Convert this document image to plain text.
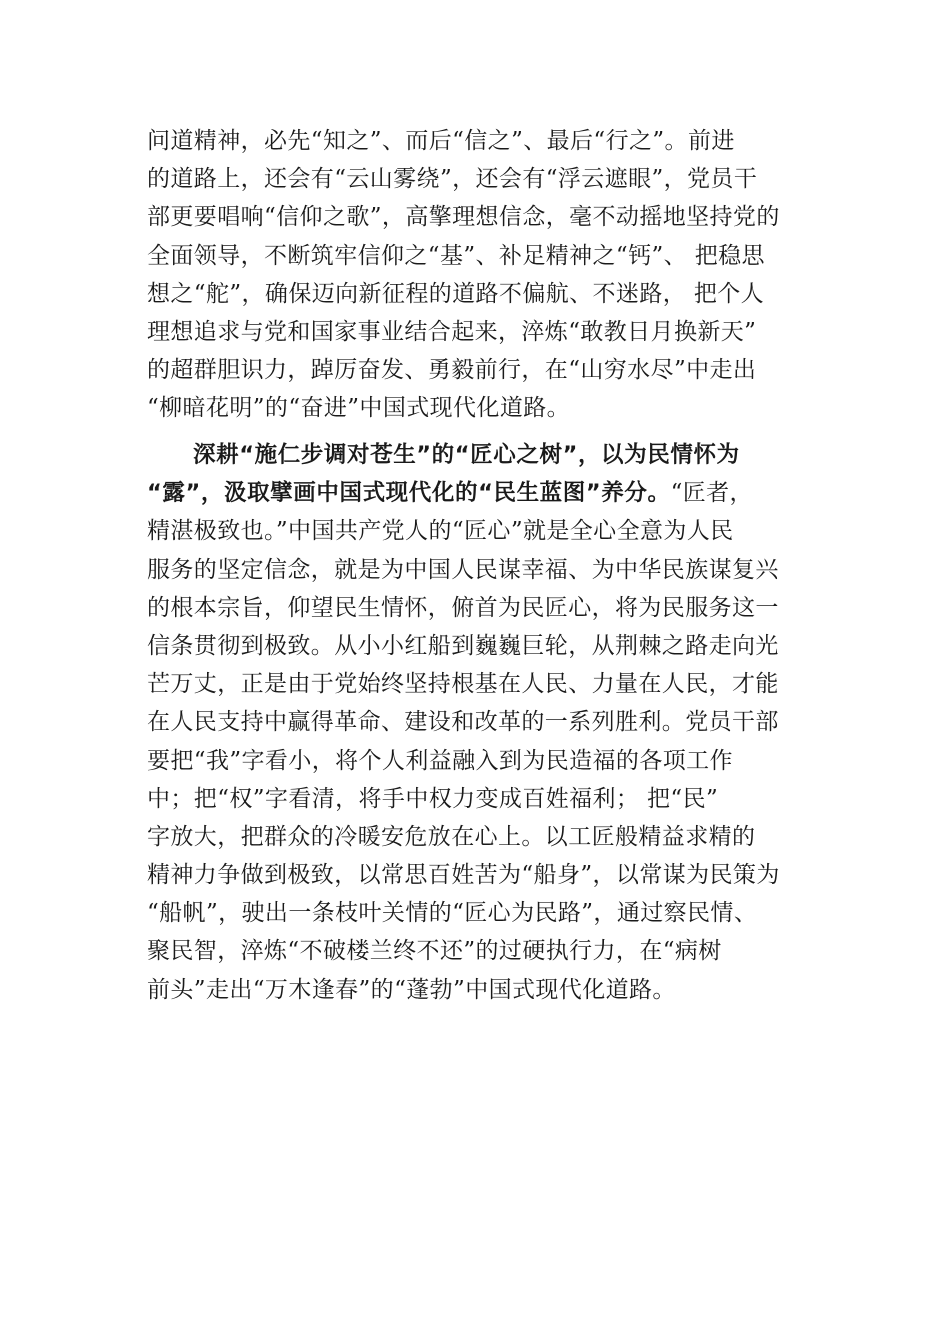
问道精神，必先“知之”、而后“信之”、最后“行之”。前进
的道路上，还会有“云山雾绕”，还会有“浮云遮眼”，党员干
部更要唱响“信仰之歌”，高擎理想信念，毫不动摇地坚持党的
全面领导，不断筑牢信仰之“基”、补足精神之“钙”、 把稳思
想之“舵”，确保迈向新征程的道路不偏航、不迷路， 把个人
理想追求与党和国家事业结合起来，淬炼“敢教日月换新天”
的超群胆识力，踔厉奋发、勇毅前行，在“山穷水尽”中走出
“柳暗花明”的“奋进”中国式现代化道路。
深耕“施仁步调对苍生”的“匠心之树”，以为民情怀为
“露”，汲取擘画中国式现代化的“民生蓝图”养分。“匠者，
精湛极致也。”中国共产党人的“匠心”就是全心全意为人民
服务的坚定信念，就是为中国人民谋幸福、为中华民族谋复兴
的根本宗旨，仰望民生情怀，俯首为民匠心，将为民服务这一
信条贯彻到极致。从小小红船到巍巍巨轮，从荆棘之路走向光
芒万丈，正是由于党始终坚持根基在人民、力量在人民，才能
在人民支持中赢得革命、建设和改革的一系列胜利。党员干部
要把“我”字看小，将个人利益融入到为民造福的各项工作
中；把“权”字看清，将手中权力变成百姓福利； 把“民”
字放大，把群众的冷暖安危放在心上。以工匠般精益求精的
精神力争做到极致，以常思百姓苦为“船身”，以常谋为民策为
“船帆”，驶出一条枝叶关情的“匠心为民路”，通过察民情、
聚民智，淬炼“不破楼兰终不还”的过硬执行力，在“病树
前头”走出“万木逢春”的“蓬勃”中国式现代化道路。
